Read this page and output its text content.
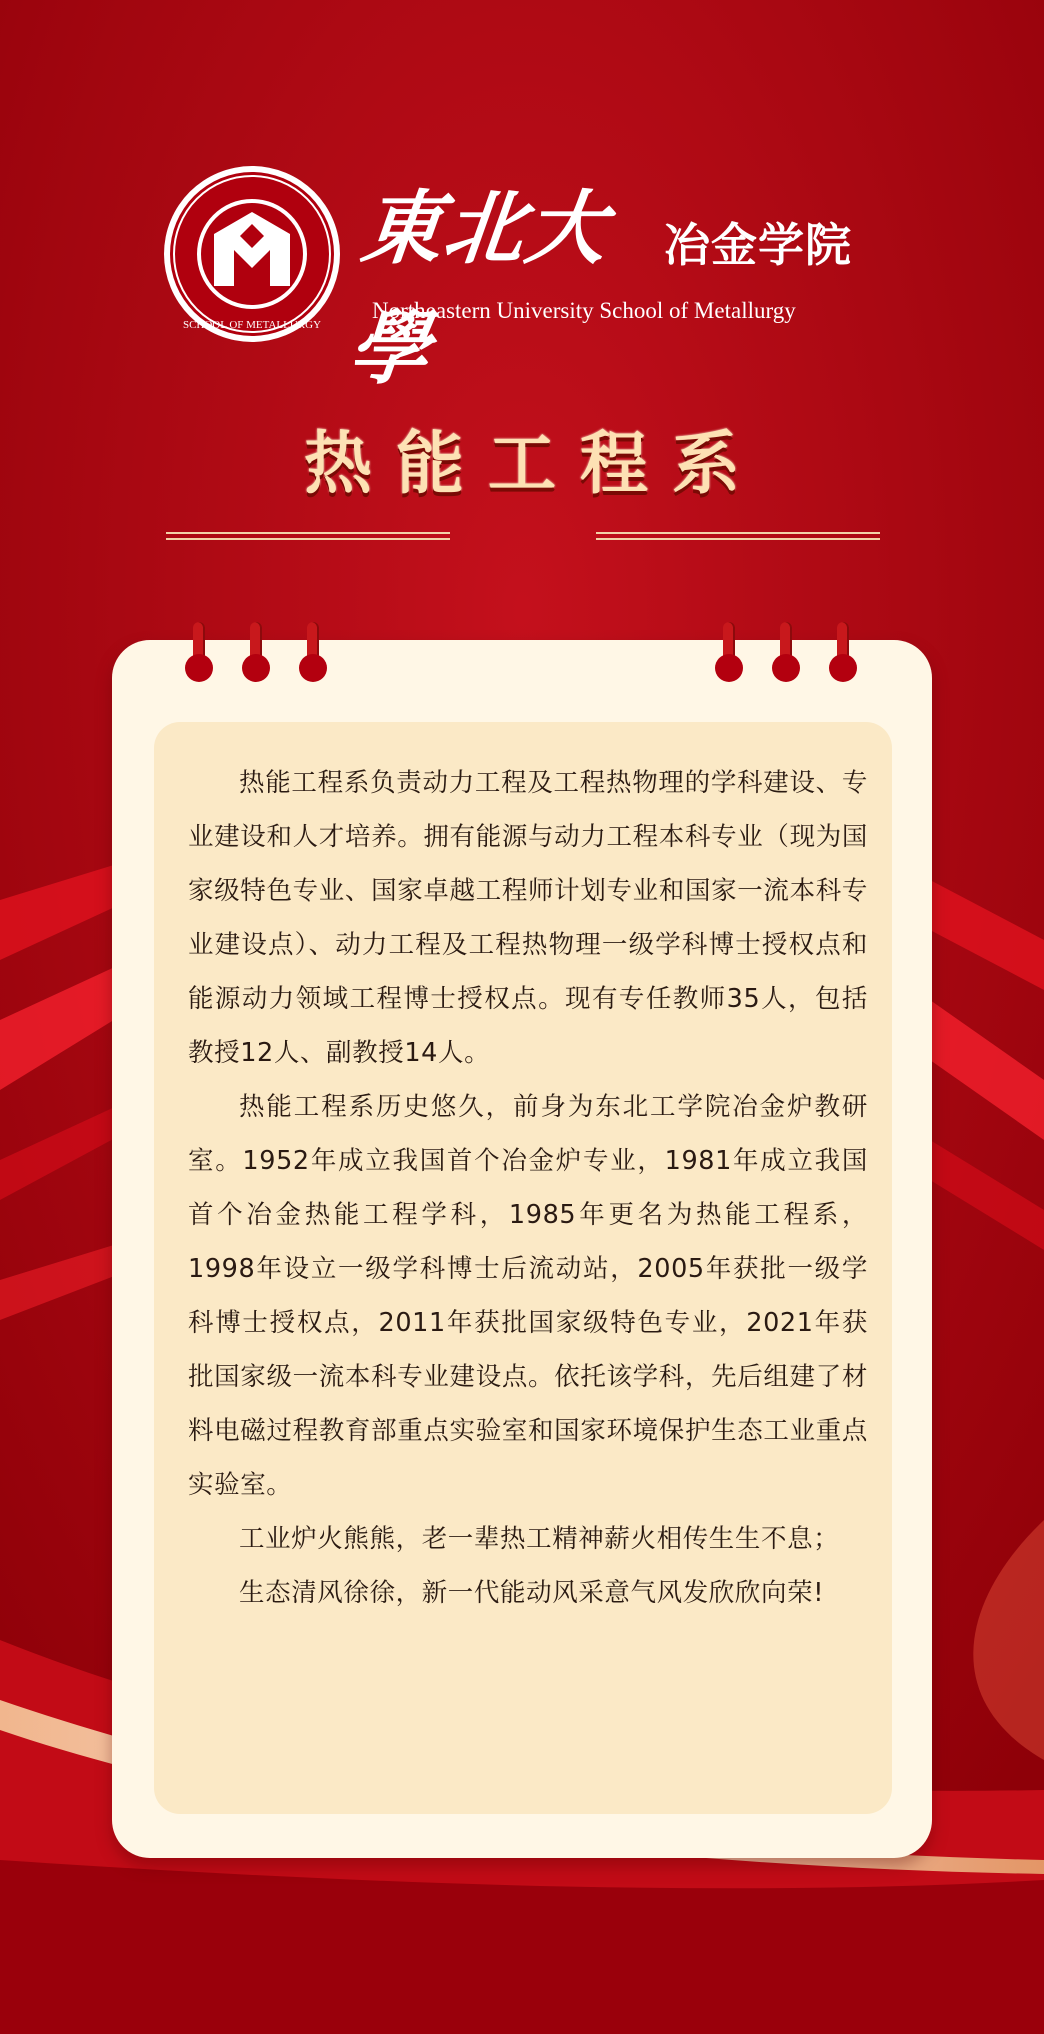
SCHOOL OF METALLURGY
東北大學
冶金学院
Northeastern University School of Metallurgy
热能工程系

热能工程系负责动力工程及工程热物理的学科建设、专业建设和人才培养。拥有能源与动力工程本科专业（现为国家级特色专业、国家卓越工程师计划专业和国家一流本科专业建设点）、动力工程及工程热物理一级学科博士授权点和能源动力领域工程博士授权点。现有专任教师35人，包括教授12人、副教授14人。

热能工程系历史悠久，前身为东北工学院冶金炉教研室。1952年成立我国首个冶金炉专业，1981年成立我国首个冶金热能工程学科，1985年更名为热能工程系， 1998年设立一级学科博士后流动站，2005年获批一级学科博士授权点，2011年获批国家级特色专业，2021年获批国家级一流本科专业建设点。依托该学科，先后组建了材料电磁过程教育部重点实验室和国家环境保护生态工业重点实验室。

工业炉火熊熊，老一辈热工精神薪火相传生生不息；

生态清风徐徐，新一代能动风采意气风发欣欣向荣!
